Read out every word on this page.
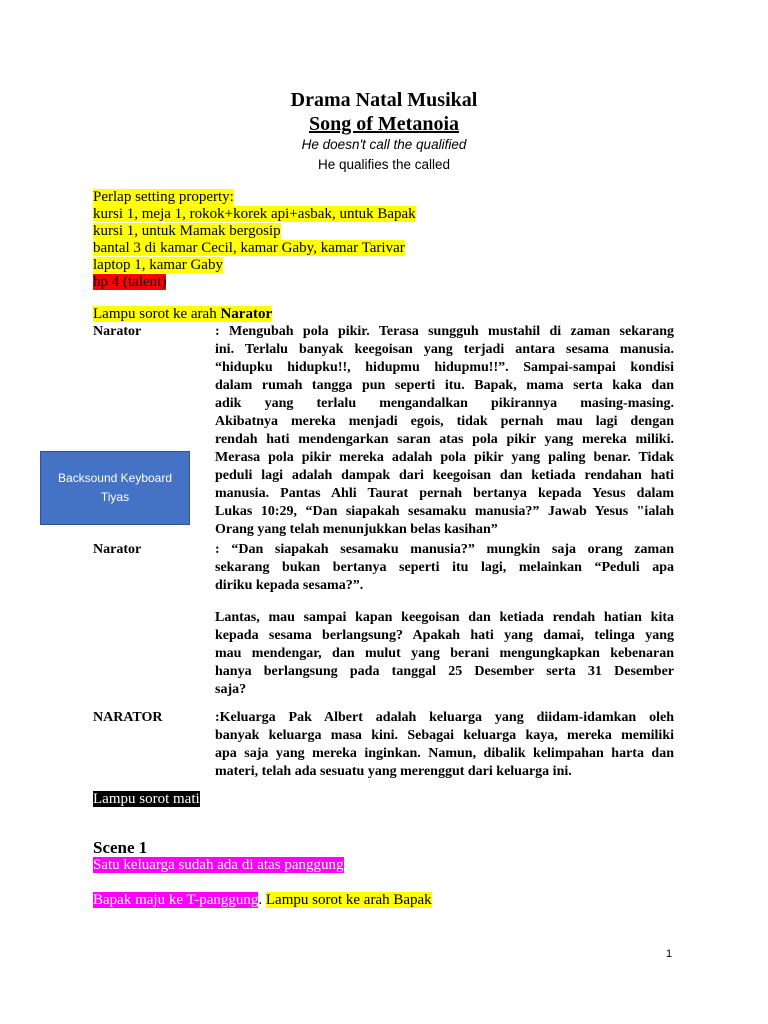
Drama Natal Musikal
Song of Metanoia
He doesn't call the qualified
He qualifies the called
Perlap setting property:
kursi 1, meja 1, rokok+korek api+asbak, untuk Bapak
kursi 1, untuk Mamak bergosip
bantal 3 di kamar Cecil, kamar Gaby, kamar Tarivar
laptop 1, kamar Gaby
hp 4 (talent)
Lampu sorot ke arah Narator
Narator	: Mengubah pola pikir. Terasa sungguh mustahil di zaman sekarang
ini. Terlalu banyak keegoisan yang terjadi antara sesama manusia.
“hidupku hidupku!!, hidupmu hidupmu!!”. Sampai-sampai kondisi
dalam rumah tangga pun seperti itu. Bapak, mama serta kaka dan
adik yang terlalu mengandalkan pikirannya masing-masing.
Akibatnya mereka menjadi egois, tidak pernah mau lagi dengan
rendah hati mendengarkan saran atas pola pikir yang mereka miliki.
Merasa pola pikir mereka adalah pola pikir yang paling benar. Tidak
peduli lagi adalah dampak dari keegoisan dan ketiada rendahan hati
manusia. Pantas Ahli Taurat pernah bertanya kepada Yesus dalam
Lukas 10:29, “Dan siapakah sesamaku manusia?” Jawab Yesus "ialah
Orang yang telah menunjukkan belas kasihan”
Backsound Keyboard
Tiyas
Narator	: “Dan siapakah sesamaku manusia?” mungkin saja orang zaman
sekarang bukan bertanya seperti itu lagi, melainkan “Peduli apa
diriku kepada sesama?”.
Lantas, mau sampai kapan keegoisan dan ketiada rendah hatian kita
kepada sesama berlangsung? Apakah hati yang damai, telinga yang
mau mendengar, dan mulut yang berani mengungkapkan kebenaran
hanya berlangsung pada tanggal 25 Desember serta 31 Desember
saja?
NARATOR	:Keluarga Pak Albert adalah keluarga yang diidam-idamkan oleh
banyak keluarga masa kini. Sebagai keluarga kaya, mereka memiliki
apa saja yang mereka inginkan. Namun, dibalik kelimpahan harta dan
materi, telah ada sesuatu yang merenggut dari keluarga ini.
Lampu sorot mati
Scene 1
Satu keluarga sudah ada di atas panggung
Bapak maju ke T-panggung. Lampu sorot ke arah Bapak
1
